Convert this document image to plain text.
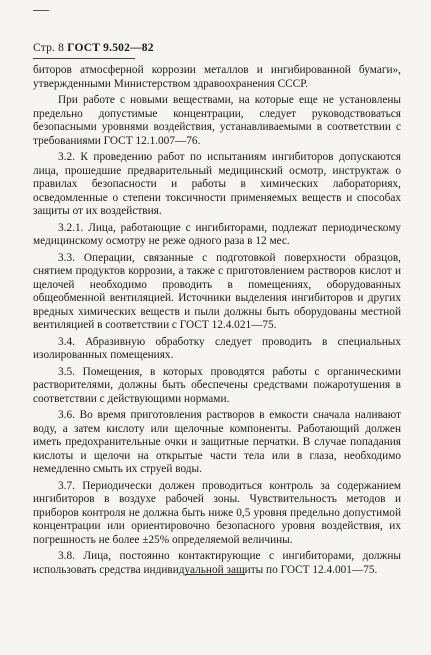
Стр. 8 ГОСТ 9.502—82

биторов атмосферной коррозии металлов и ингибированной бумаги», утвержденными Министерством здравоохранения СССР.

При работе с новыми веществами, на которые еще не установлены предельно допустимые концентрации, следует руководствоваться безопасными уровнями воздействия, устанавливаемыми в соответствии с требованиями ГОСТ 12.1.007—76.

3.2. К проведению работ по испытаниям ингибиторов допускаются лица, прошедшие предварительный медицинский осмотр, инструктаж о правилах безопасности и работы в химических лабораториях, осведомленные о степени токсичности применяемых веществ и способах защиты от их воздействия.

3.2.1. Лица, работающие с ингибиторами, подлежат периодическому медицинскому осмотру не реже одного раза в 12 мес.

3.3. Операции, связанные с подготовкой поверхности образцов, снятием продуктов коррозии, а также с приготовлением растворов кислот и щелочей необходимо проводить в помещениях, оборудованных общеобменной вентиляцией. Источники выделения ингибиторов и других вредных химических веществ и пыли должны быть оборудованы местной вентиляцией в соответствии с ГОСТ 12.4.021—75.

3.4. Абразивную обработку следует проводить в специальных изолированных помещениях.

3.5. Помещения, в которых проводятся работы с органическими растворителями, должны быть обеспечены средствами пожаротушения в соответствии с действующими нормами.

3.6. Во время приготовления растворов в емкости сначала наливают воду, а затем кислоту или щелочные компоненты. Работающий должен иметь предохранительные очки и защитные перчатки. В случае попадания кислоты и щелочи на открытые части тела или в глаза, необходимо немедленно смыть их струей воды.

3.7. Периодически должен проводиться контроль за содержанием ингибиторов в воздухе рабочей зоны. Чувствительность методов и приборов контроля не должна быть ниже 0,5 уровня предельно допустимой концентрации или ориентировочно безопасного уровня воздействия, их погрешность не более ±25% определяемой величины.

3.8. Лица, постоянно контактирующие с ингибиторами, должны использовать средства индивидуальной защиты по ГОСТ 12.4.001—75.
